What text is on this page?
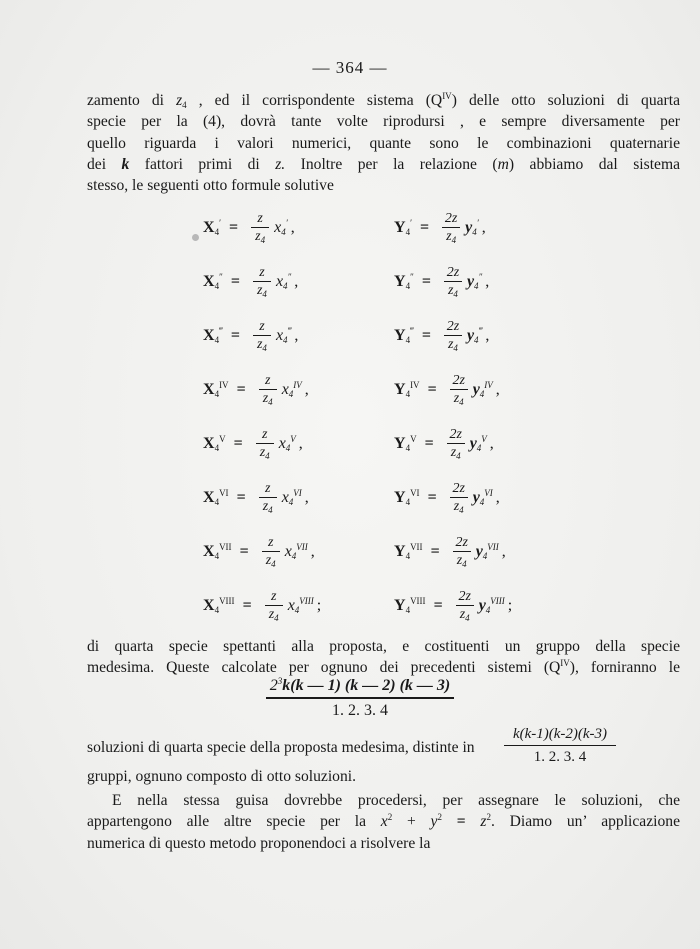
— 364 —
zamento di $z_4$ , ed il corrispondente sistema $(Q^{IV})$ delle otto soluzioni di quarta
specie per la (4), dovrà tante volte riprodursi , e sempre diversamente per
quello riguarda i valori numerici, quante sono le combinazioni quaternarie
dei k fattori primi di z. Inoltre per la relazione (m) abbiamo dal sistema
stesso, le seguenti otto formule solutive
$X_4' = \frac{z}{z_4} x_4'$ ,	$Y_4' = \frac{2z}{z_4} y_4'$ ,
$X_4'' = \frac{z}{z_4} x_4''$ ,	$Y_4'' = \frac{2z}{z_4} y_4''$ ,
$X_4^‴ = \frac{z}{z_4} x_4^‴$ ,	$Y_4^‴ = \frac{2z}{z_4} y_4^‴$ ,
$X_4^{IV} = \frac{z}{z_4} x_4^{IV}$ ,	$Y_4^{IV} = \frac{2z}{z_4} y_4^{IV}$ ,
$X_4^V = \frac{z}{z_4} x_4^V$ ,	$Y_4^V = \frac{2z}{z_4} y_4^V$ ,
$X_4^{VI} = \frac{z}{z_4} x_4^{VI}$ ,	$Y_4^{VI} = \frac{2z}{z_4} y_4^{VI}$ ,
$X_4^{VII} = \frac{z}{z_4} x_4^{VII}$ ,	$Y_4^{VII} = \frac{2z}{z_4} y_4^{VII}$ ,
$X_4^{VIII} = \frac{z}{z_4} x_4^{VIII}$ ;	$Y_4^{VIII} = \frac{2z}{z_4} y_4^{VIII}$ ;
di quarta specie spettanti alla proposta, e costituenti un gruppo della specie
medesima. Queste calcolate per ognuno dei precedenti sistemi $(Q^{IV})$, forniranno le
$2^3k(k$ — 1) (k — 2) (k — 3)
1. 2. 3. 4
soluzioni di quarta specie della proposta medesima, distinte in
k(k-1)(k-2)(k-3)
1. 2. 3. 4
gruppi, ognuno composto di otto soluzioni.
E nella stessa guisa dovrebbe procedersi, per assegnare le soluzioni, che
appartengono alle altre specie per la $x^2 + y^2 = z^2$. Diamo un’ applicazione
numerica di questo metodo proponendoci a risolvere la
